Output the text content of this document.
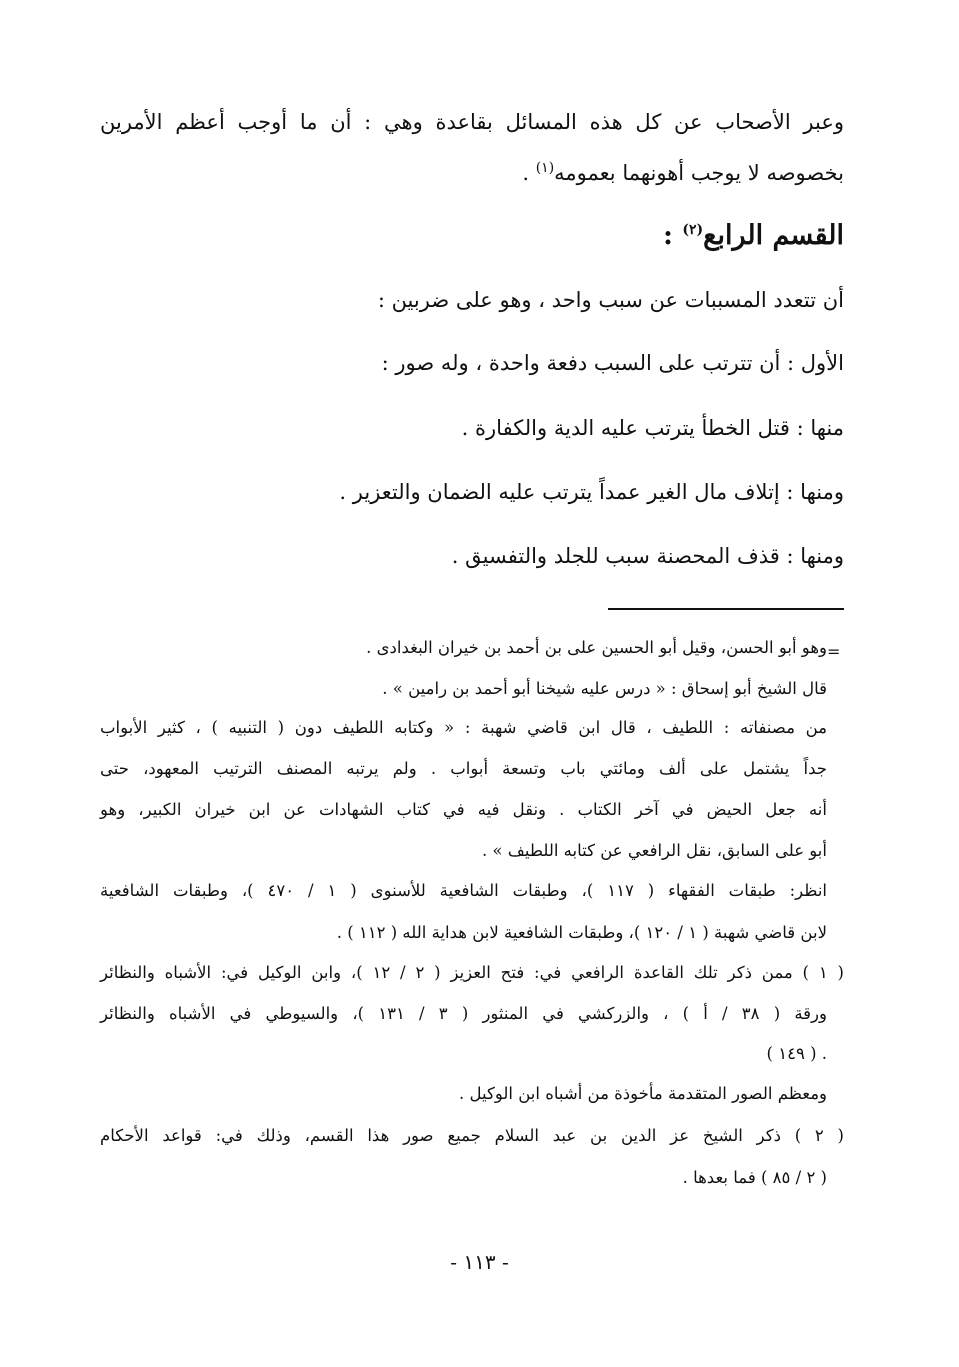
وعبر الأصحاب عن كل هذه المسائل بقاعدة وهي : أن ما أوجب أعظم الأمرين
بخصوصه لا يوجب أهونهما بعمومه$^{(١)}$ .
القسم الرابع$^{(٢)}$ :
أن تتعدد المسببات عن سبب واحد ، وهو على ضربين :
الأول : أن تترتب على السبب دفعة واحدة ، وله صور :
منها : قتل الخطأ يترتب عليه الدية والكفارة .
ومنها : إتلاف مال الغير عمداً يترتب عليه الضمان والتعزير .
ومنها : قذف المحصنة سبب للجلد والتفسيق .
=
وهو أبو الحسن، وقيل أبو الحسين على بن أحمد بن خيران البغدادى .
قال الشيخ أبو إسحاق : « درس عليه شيخنا أبو أحمد بن رامين » .
من مصنفاته : اللطيف ، قال ابن قاضي شهبة : « وكتابه اللطيف دون ( التنبيه ) ، كثير الأبواب
جداً يشتمل على ألف ومائتي باب وتسعة أبواب . ولم يرتبه المصنف الترتيب المعهود، حتى
أنه جعل الحيض في آخر الكتاب . ونقل فيه في كتاب الشهادات عن ابن خيران الكبير، وهو
أبو على السابق، نقل الرافعي عن كتابه اللطيف » .
انظر: طبقات الفقهاء ( ١١٧ )، وطبقات الشافعية للأسنوى ( ١ / ٤٧٠ )، وطبقات الشافعية
لابن قاضي شهبة ( ١ / ١٢٠ )، وطبقات الشافعية لابن هداية الله ( ١١٢ ) .
( ١ ) ممن ذكر تلك القاعدة الرافعي في: فتح العزيز ( ٢ / ١٢ )، وابن الوكيل في: الأشباه والنظائر
ورقة ( ٣٨ / أ ) ، والزركشي في المنثور ( ٣ / ١٣١ )، والسيوطي في الأشباه والنظائر
( ١٤٩ ) .
ومعظم الصور المتقدمة مأخوذة من أشباه ابن الوكيل .
( ٢ ) ذكر الشيخ عز الدين بن عبد السلام جميع صور هذا القسم، وذلك في: قواعد الأحكام
( ٢ / ٨٥ ) فما بعدها .
- ١١٣ -
